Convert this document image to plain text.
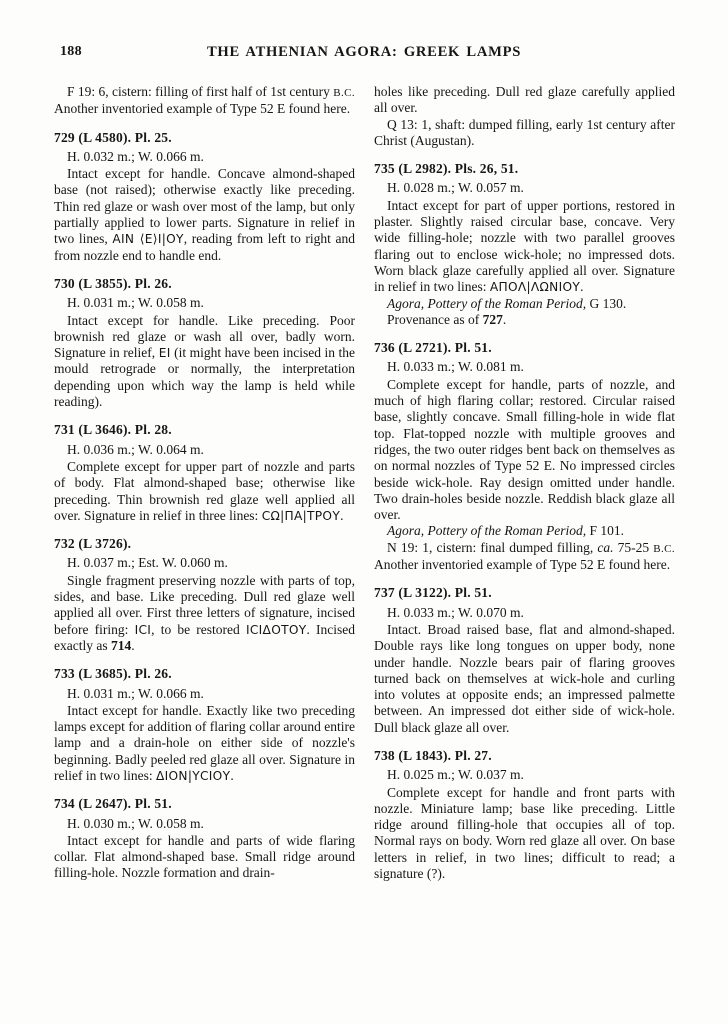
188	THE ATHENIAN AGORA: GREEK LAMPS
F 19: 6, cistern: filling of first half of 1st century B.C. Another inventoried example of Type 52 E found here.
729 (L 4580). Pl. 25.
H. 0.032 m.; W. 0.066 m.
Intact except for handle. Concave almond-shaped base (not raised); otherwise exactly like preceding. Thin red glaze or wash over most of the lamp, but only partially applied to lower parts. Signature in relief in two lines, ΑΙΝ ⟨Ε⟩Ι|ΟΥ, reading from left to right and from nozzle end to handle end.
730 (L 3855). Pl. 26.
H. 0.031 m.; W. 0.058 m.
Intact except for handle. Like preceding. Poor brownish red glaze or wash all over, badly worn. Signature in relief, ΕΙ (it might have been incised in the mould retrograde or normally, the interpretation depending upon which way the lamp is held while reading).
731 (L 3646). Pl. 28.
H. 0.036 m.; W. 0.064 m.
Complete except for upper part of nozzle and parts of body. Flat almond-shaped base; otherwise like preceding. Thin brownish red glaze well applied all over. Signature in relief in three lines: CΩ|ΠΑ|ΤΡΟΥ.
732 (L 3726).
H. 0.037 m.; Est. W. 0.060 m.
Single fragment preserving nozzle with parts of top, sides, and base. Like preceding. Dull red glaze well applied all over. First three letters of signature, incised before firing: ΙCΙ, to be restored ΙCΙΔΟΤΟΥ. Incised exactly as 714.
733 (L 3685). Pl. 26.
H. 0.031 m.; W. 0.066 m.
Intact except for handle. Exactly like two preceding lamps except for addition of flaring collar around entire lamp and a drain-hole on either side of nozzle's beginning. Badly peeled red glaze all over. Signature in relief in two lines: ΔΙΟΝ|ΥCΙΟΥ.
734 (L 2647). Pl. 51.
H. 0.030 m.; W. 0.058 m.
Intact except for handle and parts of wide flaring collar. Flat almond-shaped base. Small ridge around filling-hole. Nozzle formation and drain-
holes like preceding. Dull red glaze carefully applied all over.
Q 13: 1, shaft: dumped filling, early 1st century after Christ (Augustan).
735 (L 2982). Pls. 26, 51.
H. 0.028 m.; W. 0.057 m.
Intact except for part of upper portions, restored in plaster. Slightly raised circular base, concave. Very wide filling-hole; nozzle with two parallel grooves flaring out to enclose wick-hole; no impressed dots. Worn black glaze carefully applied all over. Signature in relief in two lines: ΑΠΟΛ|ΛΩΝΙΟΥ.
Agora, Pottery of the Roman Period, G 130.
Provenance as of 727.
736 (L 2721). Pl. 51.
H. 0.033 m.; W. 0.081 m.
Complete except for handle, parts of nozzle, and much of high flaring collar; restored. Circular raised base, slightly concave. Small filling-hole in wide flat top. Flat-topped nozzle with multiple grooves and ridges, the two outer ridges bent back on themselves as on normal nozzles of Type 52 E. No impressed circles beside wick-hole. Ray design omitted under handle. Two drain-holes beside nozzle. Reddish black glaze all over.
Agora, Pottery of the Roman Period, F 101.
N 19: 1, cistern: final dumped filling, ca. 75-25 B.C. Another inventoried example of Type 52 E found here.
737 (L 3122). Pl. 51.
H. 0.033 m.; W. 0.070 m.
Intact. Broad raised base, flat and almond-shaped. Double rays like long tongues on upper body, none under handle. Nozzle bears pair of flaring grooves turned back on themselves at wick-hole and curling into volutes at opposite ends; an impressed palmette between. An impressed dot either side of wick-hole. Dull black glaze all over.
738 (L 1843). Pl. 27.
H. 0.025 m.; W. 0.037 m.
Complete except for handle and front parts with nozzle. Miniature lamp; base like preceding. Little ridge around filling-hole that occupies all of top. Normal rays on body. Worn red glaze all over. On base letters in relief, in two lines; difficult to read; a signature (?).
